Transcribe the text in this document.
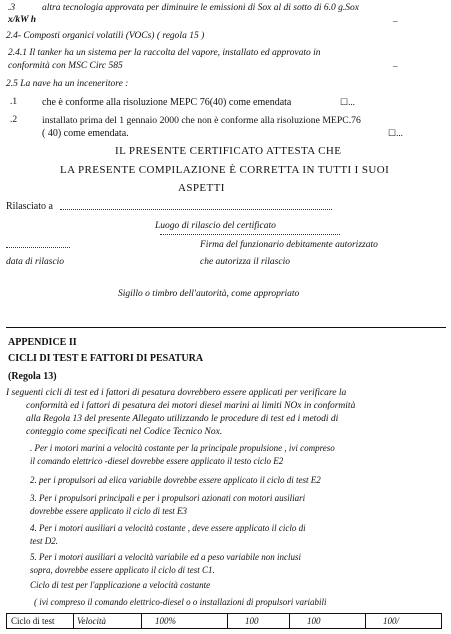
.3	altra tecnologia approvata per diminuire le emissioni di Sox al di sotto di 6.0 g.Sox
x/kW h	–
2.4- Composti organici volatili (VOCs) ( regola 15 )
2.4.1 Il tanker ha un sistema per la raccolta del vapore, installato ed approvato in
conformità con MSC Circ 585	–
2.5 La nave ha un inceneritore :
.1 che è conforme alla risoluzione MEPC 76(40) come emendata	☐...
.2	installato prima del 1 gennaio 2000 che non è conforme alla risoluzione MEPC.76
( 40) come emendata.	☐...
IL PRESENTE CERTIFICATO ATTESTA CHE
LA PRESENTE COMPILAZIONE È CORRETTA IN TUTTI I SUOI
ASPETTI
Rilasciato a
Luogo di rilascio del certificato
Firma del funzionario debitamente autorizzato
data di rilascio	che autorizza il rilascio
Sigillo o timbro dell'autorità, come appropriato
APPENDICE II
CICLI DI TEST E FATTORI DI PESATURA
(Regola 13)
I seguenti cicli di test ed i fattori di pesatura dovrebbero essere applicati per verificare la
conformità ed i fattori di pesatura dei motori diesel marini ai limiti NOx in conformità
alla Regola 13 del presente Allegato utilizzando le procedure di test ed i metodi di
conteggio come specificati nel Codice Tecnico Nox.
. Per i motori marini a velocità costante per la principale propulsione , ivi compreso
il comando elettrico -diesel dovrebbe essere applicato il testo ciclo E2
2. per i propulsori ad elica variabile dovrebbe essere applicato il ciclo di test E2
3. Per i propulsori principali e per i propulsori azionati con motori ausiliari
dovrebbe essere applicato il ciclo di test E3
4. Per i motori ausiliari a velocità costante , deve essere applicato il ciclo di
test D2.
5. Per i motori ausiliari a velocità variabile ed a peso variabile non inclusi
sopra, dovrebbe essere applicato il ciclo di test C1.
Ciclo di test per l'applicazione a velocità costante
( ivi compreso il comando elettrico-diesel o o installazioni di propulsori variabili
Ciclo di test	Velocità	100%	100	100	100/
